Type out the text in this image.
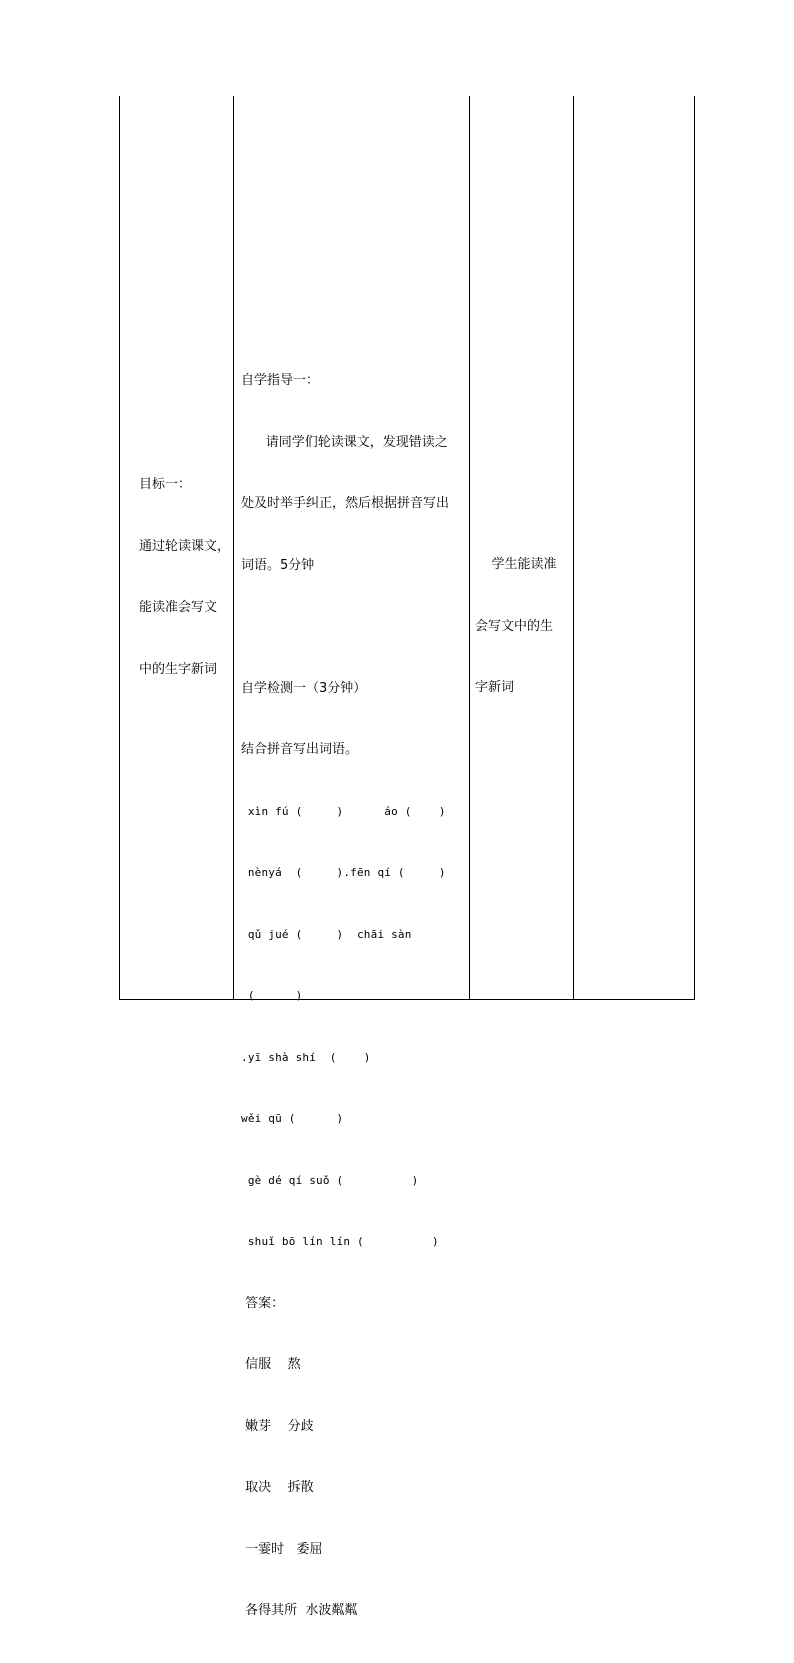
目标一：

通过轮读课文，

能读准会写文

中的生字新词

自学指导一：

请同学们轮读课文，发现错读之

处及时举手纠正，然后根据拼音写出

词语。5分钟

自学检测一（3分钟）

结合拼音写出词语。

xìn fú (     )      áo (    )

nènyá  (     ).fēn qí (     )

qǔ jué (     )  chāi sàn

(      )

.yī shà shí  (    )

wěi qū (      )

gè dé qí suǒ (          )

shuǐ bō lín lín (          )

答案：

信服    熬

嫩芽    分歧

取决    拆散

一霎时   委屈

各得其所  水波粼粼

学生能读准

会写文中的生

字新词
